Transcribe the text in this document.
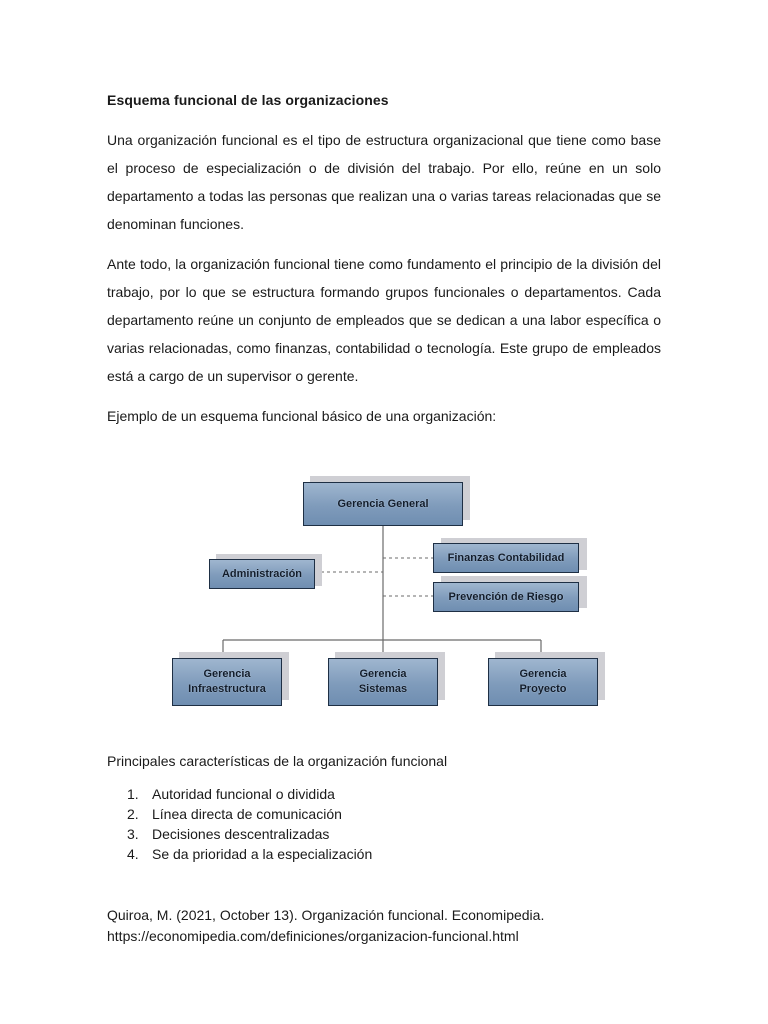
Esquema funcional de las organizaciones

Una organización funcional es el tipo de estructura organizacional que tiene como base el proceso de especialización o de división del trabajo. Por ello, reúne en un solo departamento a todas las personas que realizan una o varias tareas relacionadas que se denominan funciones.

Ante todo, la organización funcional tiene como fundamento el principio de la división del trabajo, por lo que se estructura formando grupos funcionales o departamentos. Cada departamento reúne un conjunto de empleados que se dedican a una labor específica o varias relacionadas, como finanzas, contabilidad o tecnología. Este grupo de empleados está a cargo de un supervisor o gerente.

Ejemplo de un esquema funcional básico de una organización:
Gerencia General
Administración
Finanzas Contabilidad
Prevención de Riesgo
Gerencia
Infraestructura
Gerencia
Sistemas
Gerencia
Proyecto
Principales características de la organización funcional
1. Autoridad funcional o dividida
2. Línea directa de comunicación
3. Decisiones descentralizadas
4. Se da prioridad a la especialización
Quiroa, M. (2021, October 13). Organización funcional. Economipedia.
https://economipedia.com/definiciones/organizacion-funcional.html
